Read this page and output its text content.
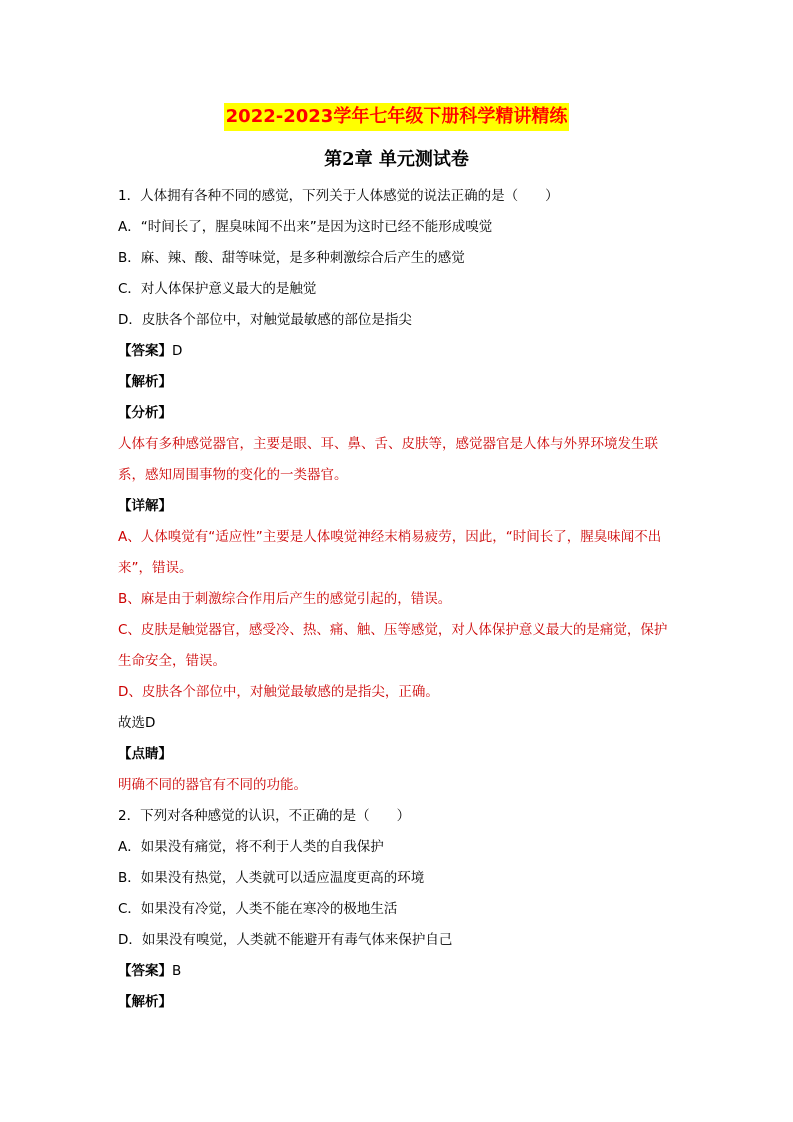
2022-2023学年七年级下册科学精讲精练
第2章 单元测试卷

1．人体拥有各种不同的感觉，下列关于人体感觉的说法正确的是（　　）

A．“时间长了，腥臭味闻不出来”是因为这时已经不能形成嗅觉

B．麻、辣、酸、甜等味觉，是多种刺激综合后产生的感觉

C．对人体保护意义最大的是触觉

D．皮肤各个部位中，对触觉最敏感的部位是指尖

【答案】D

【解析】

【分析】

人体有多种感觉器官，主要是眼、耳、鼻、舌、皮肤等，感觉器官是人体与外界环境发生联系，感知周围事物的变化的一类器官。

【详解】

A、人体嗅觉有“适应性”主要是人体嗅觉神经末梢易疲劳，因此，“时间长了，腥臭味闻不出来”，错误。

B、麻是由于刺激综合作用后产生的感觉引起的，错误。

C、皮肤是触觉器官，感受冷、热、痛、触、压等感觉，对人体保护意义最大的是痛觉，保护生命安全，错误。

D、皮肤各个部位中，对触觉最敏感的是指尖，正确。

故选D

【点睛】

明确不同的器官有不同的功能。

2．下列对各种感觉的认识，不正确的是（　　）

A．如果没有痛觉，将不利于人类的自我保护

B．如果没有热觉，人类就可以适应温度更高的环境

C．如果没有冷觉，人类不能在寒冷的极地生活

D．如果没有嗅觉，人类就不能避开有毒气体来保护自己

【答案】B

【解析】
